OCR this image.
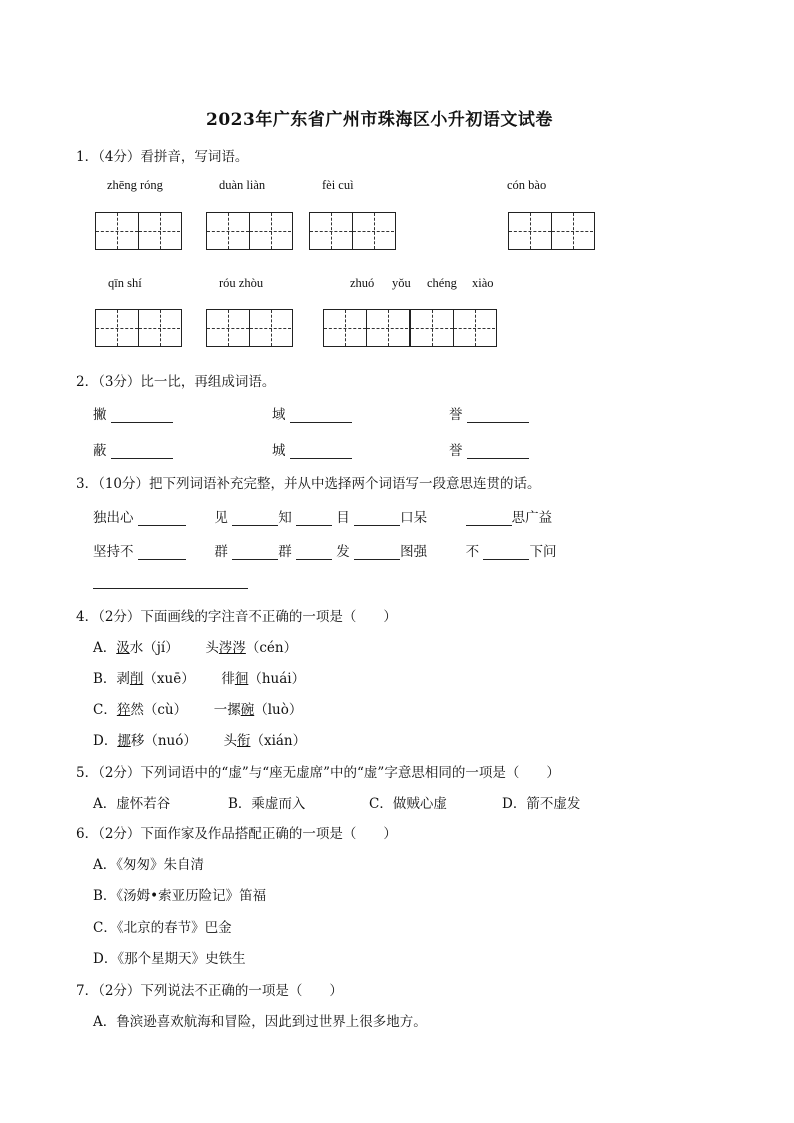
2023年广东省广州市珠海区小升初语文试卷
1．（4分）看拼音，写词语。
zhēng róng	duàn liàn	fèi cuì	cón bào
qīn shí	róu zhòu	zhuó yǒu chéng xiào
2．（3分）比一比，再组成词语。
撇	域	誉
蔽	城	誉
3．（10分）把下列词语补充完整，并从中选择两个词语写一段意思连贯的话。
独出心	见	知	目	口呆	思广益
坚持不	群	群	发	图强	不	下问
4．（2分）下面画线的字注音不正确的一项是（　　）
A．汲水（jí） 头涔涔（cén）
B．剥削（xuē） 徘徊（huái）
C．猝然（cù） 一摞碗（luò）
D．挪移（nuó） 头衔（xián）
5．（2分）下列词语中的“虚”与“座无虚席”中的“虚”字意思相同的一项是（　　）
A．虚怀若谷	B．乘虚而入	C．做贼心虚	D．箭不虚发
6．（2分）下面作家及作品搭配正确的一项是（　　）
A．《匆匆》朱自清
B．《汤姆•索亚历险记》笛福
C．《北京的春节》巴金
D．《那个星期天》史铁生
7．（2分）下列说法不正确的一项是（　　）
A．鲁滨逊喜欢航海和冒险，因此到过世界上很多地方。
